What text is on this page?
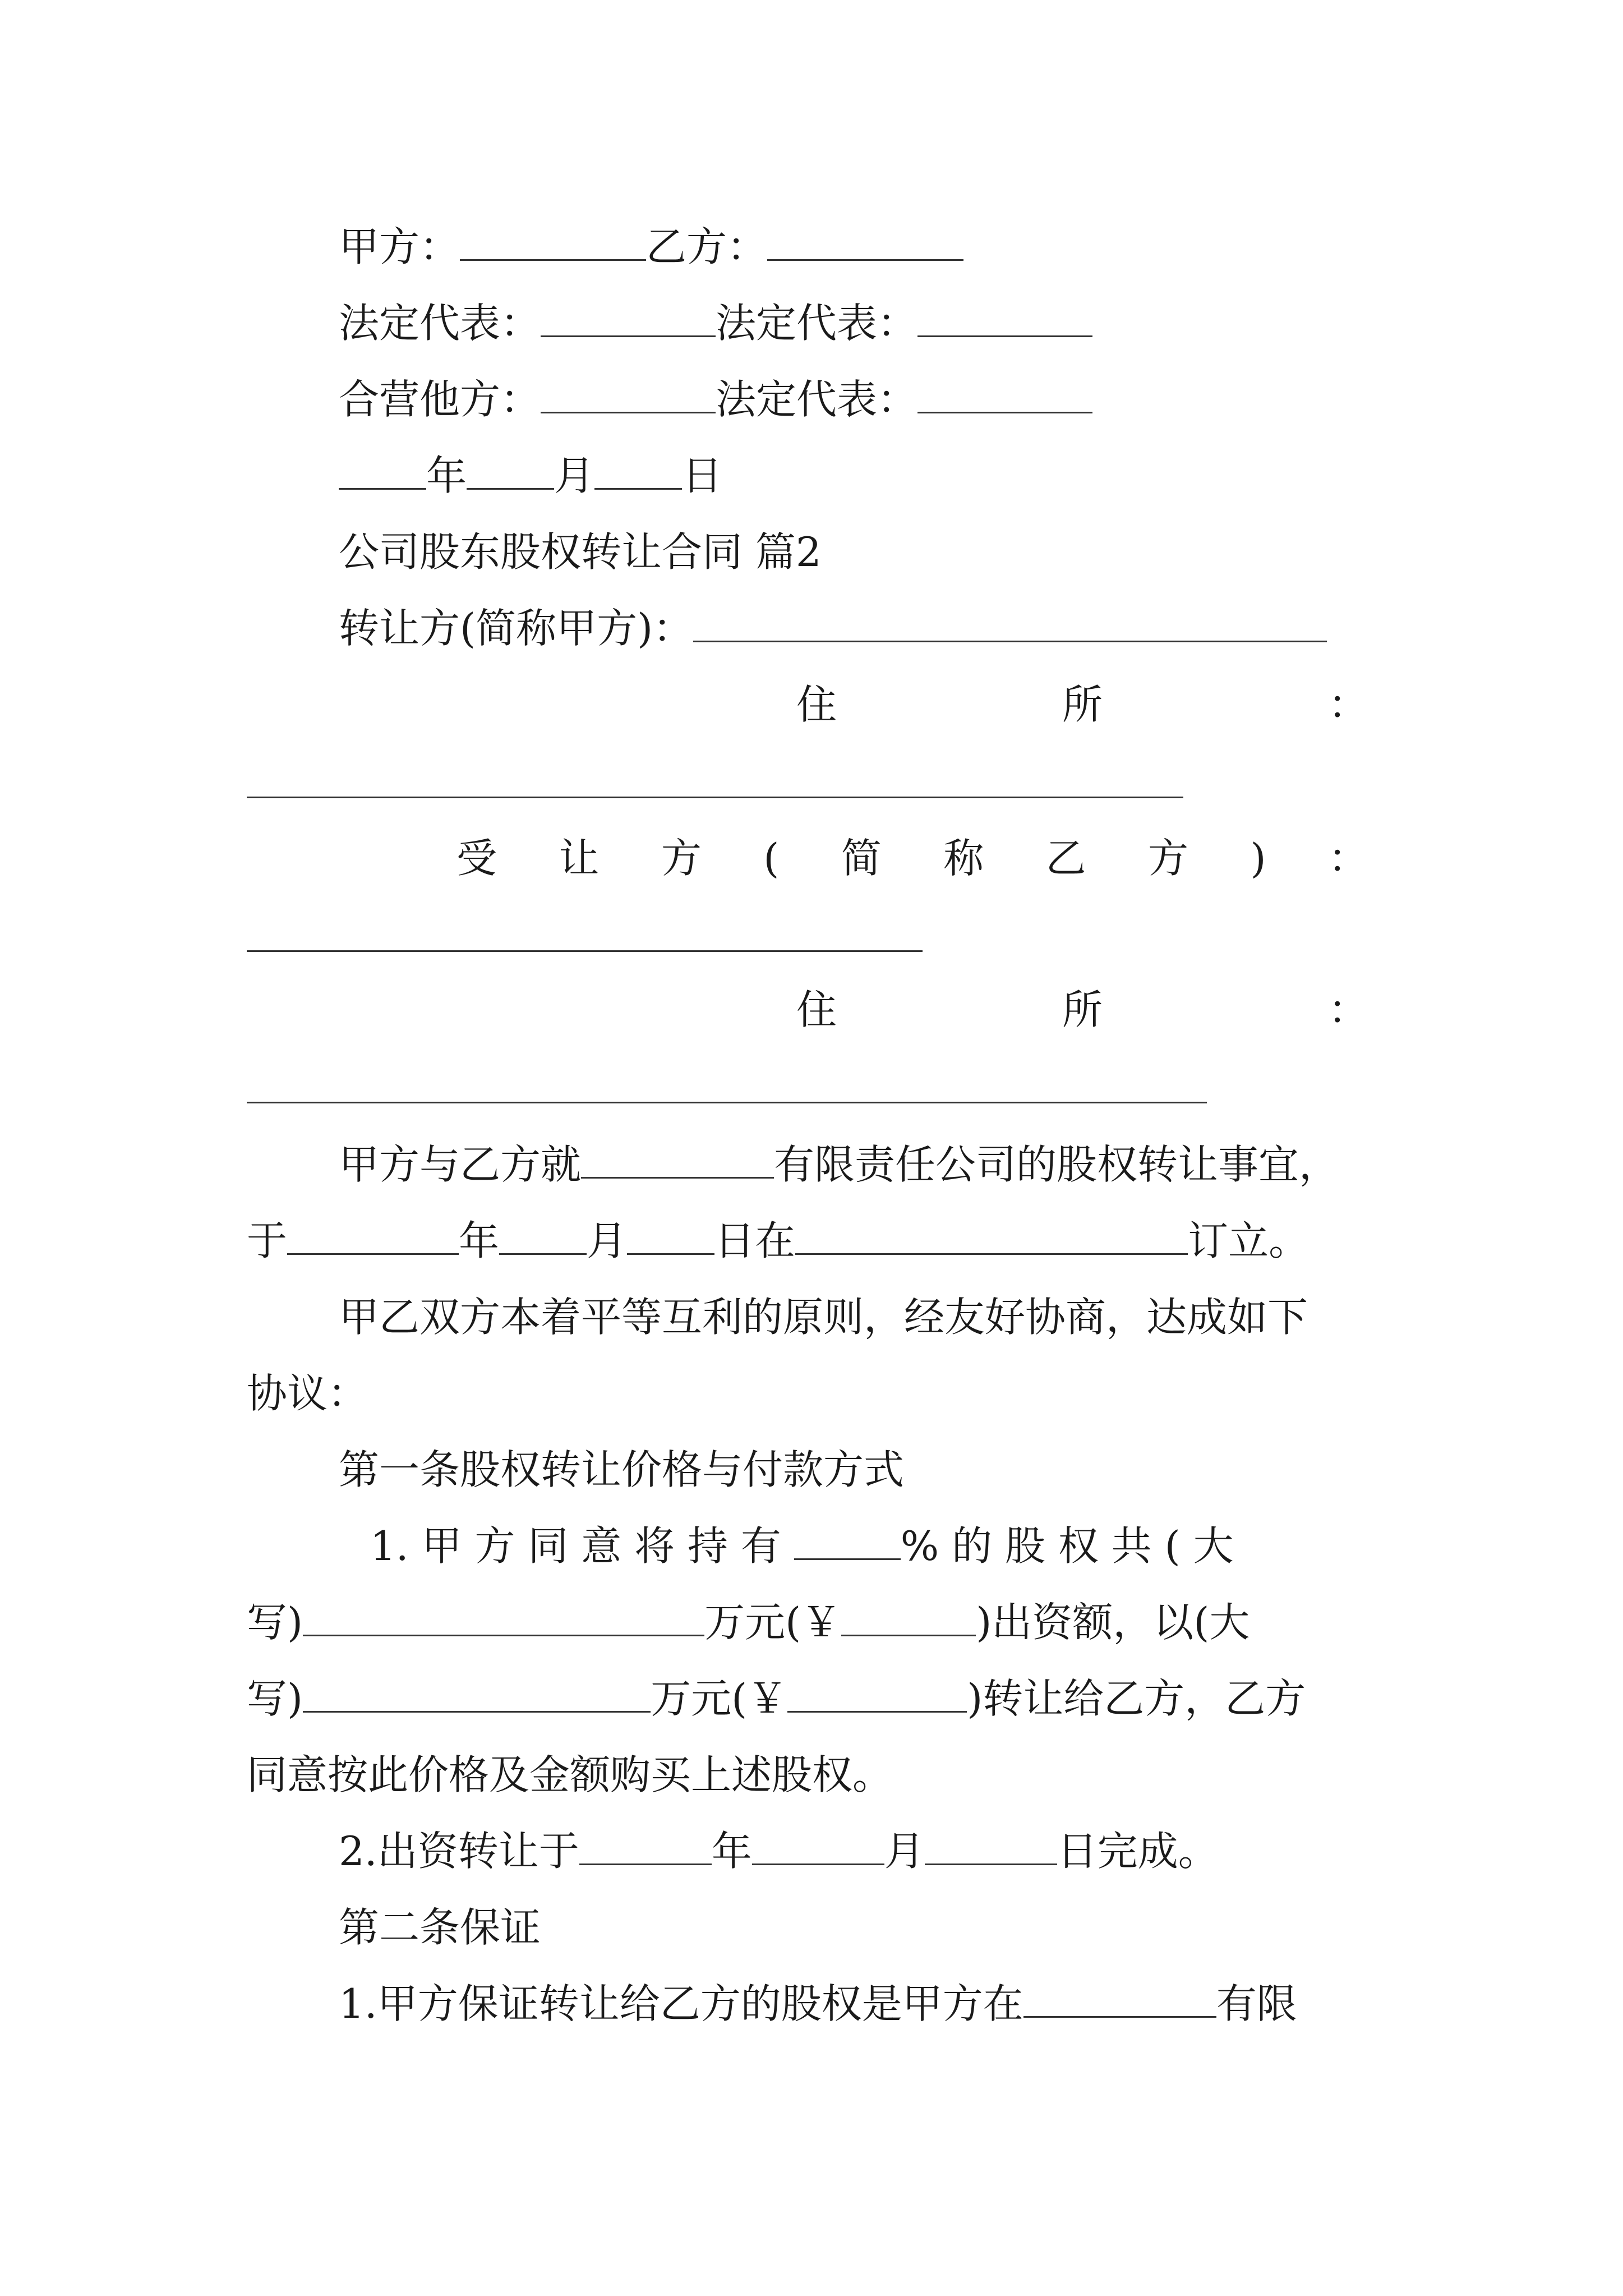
甲方：	乙方：
法定代表：	法定代表：
合营他方：	法定代表：
年 月 日
公司股东股权转让合同 篇2
转让方(简称甲方)：
住	所	：
受 让 方 ( 简 称 乙 方 ) ：
住	所	：
甲方与乙方就	有限责任公司的股权转让事宜，
于	年 月 日在	订立。
甲乙双方本着平等互利的原则，经友好协商，达成如下
协议：
第一条股权转让价格与付款方式
1. 甲 方 同 意 将 持 有	% 的 股 权 共 ( 大
写)	万元(￥	)出资额，以(大
写)	万元(￥	)转让给乙方，乙方
同意按此价格及金额购买上述股权。
2.出资转让于	年	月	日完成。
第二条保证
1.甲方保证转让给乙方的股权是甲方在	有限
